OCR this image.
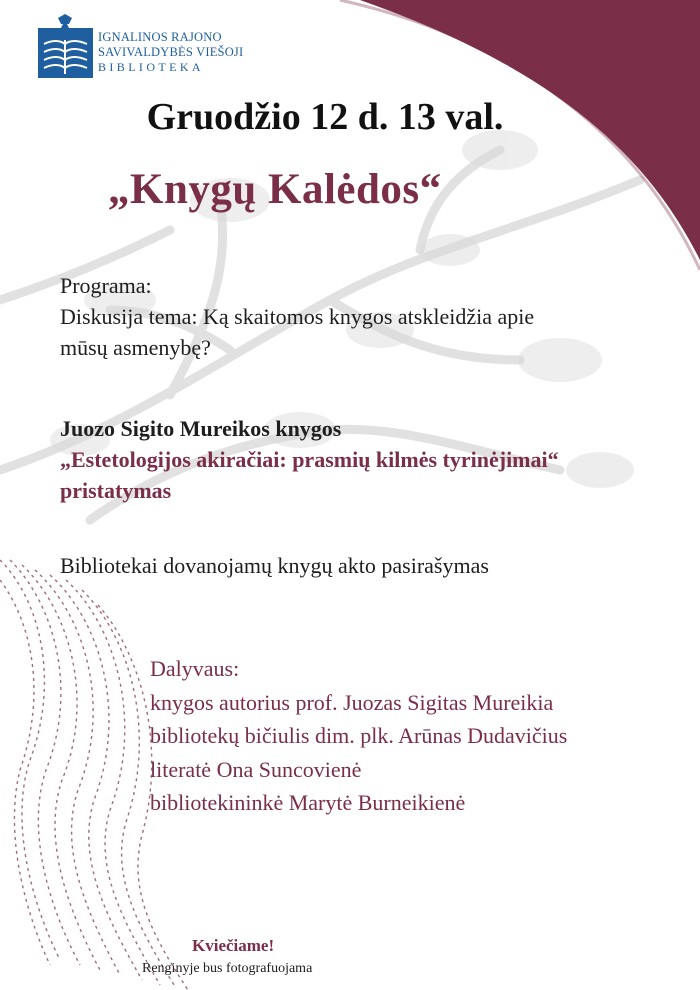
IGNALINOS RAJONO
SAVIVALDYBĖS VIEŠOJI
BIBLIOTEKA
Gruodžio 12 d. 13 val.
„Knygų Kalėdos“
Programa:
Diskusija tema: Ką skaitomos knygos atskleidžia apie
mūsų asmenybę?
Juozo Sigito Mureikos knygos
„Estetologijos akiračiai: prasmių kilmės tyrinėjimai“
pristatymas
Bibliotekai dovanojamų knygų akto pasirašymas
Dalyvaus:
knygos autorius prof. Juozas Sigitas Mureikia
bibliotekų bičiulis dim. plk. Arūnas Dudavičius
literatė Ona Suncovienė
bibliotekininkė Marytė Burneikienė
Kviečiame!
Renginyje bus fotografuojama
